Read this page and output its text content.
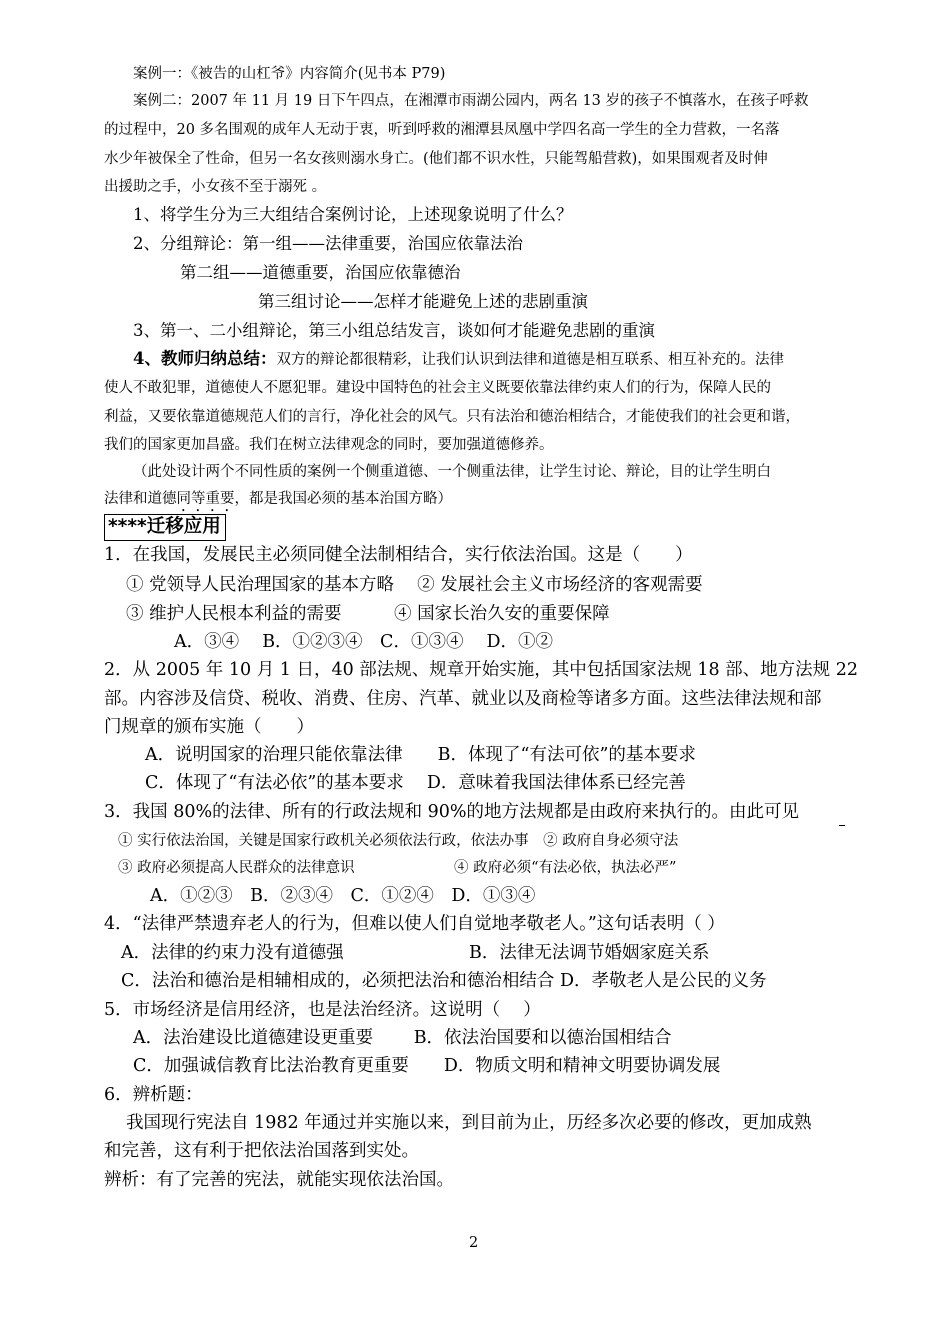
案例一：《被告的山杠爷》内容简介(见书本 P79)
案例二：2007 年 11 月 19 日下午四点，在湘潭市雨湖公园内，两名 13 岁的孩子不慎落水，在孩子呼救
的过程中，20 多名围观的成年人无动于衷，听到呼救的湘潭县凤凰中学四名高一学生的全力营救，一名落
水少年被保全了性命，但另一名女孩则溺水身亡。(他们都不识水性，只能驾船营救)，如果围观者及时伸
出援助之手，小女孩不至于溺死 。
1、将学生分为三大组结合案例讨论，上述现象说明了什么？
2、分组辩论：第一组——法律重要，治国应依靠法治
第二组——道德重要，治国应依靠德治
第三组讨论——怎样才能避免上述的悲剧重演
3、第一、二小组辩论，第三小组总结发言，谈如何才能避免悲剧的重演
4、教师归纳总结：双方的辩论都很精彩，让我们认识到法律和道德是相互联系、相互补充的。法律
使人不敢犯罪，道德使人不愿犯罪。建设中国特色的社会主义既要依靠法律约束人们的行为，保障人民的
利益，又要依靠道德规范人们的言行，净化社会的风气。只有法治和德治相结合，才能使我们的社会更和谐，
我们的国家更加昌盛。我们在树立法律观念的同时，要加强道德修养。
（此处设计两个不同性质的案例一个侧重道德、一个侧重法律，让学生讨论、辩论，目的让学生明白
法律和道德同等重要，都是我国必须的基本治国方略）
****迁移应用
1．在我国，发展民主必须同健全法制相结合，实行依法治国。这是（　　）
① 党领导人民治理国家的基本方略　 ② 发展社会主义市场经济的客观需要
③ 维护人民根本利益的需要　　　④ 国家长治久安的重要保障
A．③④　 B．①②③④　C．①③④　 D．①②
2．从 2005 年 10 月 1 日，40 部法规、规章开始实施，其中包括国家法规 18 部、地方法规 22
部。内容涉及信贷、税收、消费、住房、汽革、就业以及商检等诸多方面。这些法律法规和部
门规章的颁布实施（　　）
A．说明国家的治理只能依靠法律　　B．体现了“有法可依”的基本要求
C．体现了“有法必依”的基本要求　 D．意味着我国法律体系已经完善
3．我国 80%的法律、所有的行政法规和 90%的地方法规都是由政府来执行的。由此可见
① 实行依法治国，关键是国家行政机关必须依法行政，依法办事　② 政府自身必须守法
③ 政府必须提高人民群众的法律意识	④ 政府必须“有法必依，执法必严”
A．①②③　B．②③④　C．①②④　D．①③④
4．“法律严禁遗弃老人的行为，但难以使人们自觉地孝敬老人。”这句话表明（ ）
A．法律的约束力没有道德强	B．法律无法调节婚姻家庭关系
C．法治和德治是相辅相成的，必须把法治和德治相结合 D．孝敬老人是公民的义务
5．市场经济是信用经济，也是法治经济。这说明（　 ）
A．法治建设比道德建设更重要　　 B．依法治国要和以德治国相结合
C．加强诚信教育比法治教育更重要　　D．物质文明和精神文明要协调发展
6．辨析题：
我国现行宪法自 1982 年通过并实施以来，到目前为止，历经多次必要的修改，更加成熟
和完善，这有利于把依法治国落到实处。
辨析：有了完善的宪法，就能实现依法治国。
2
